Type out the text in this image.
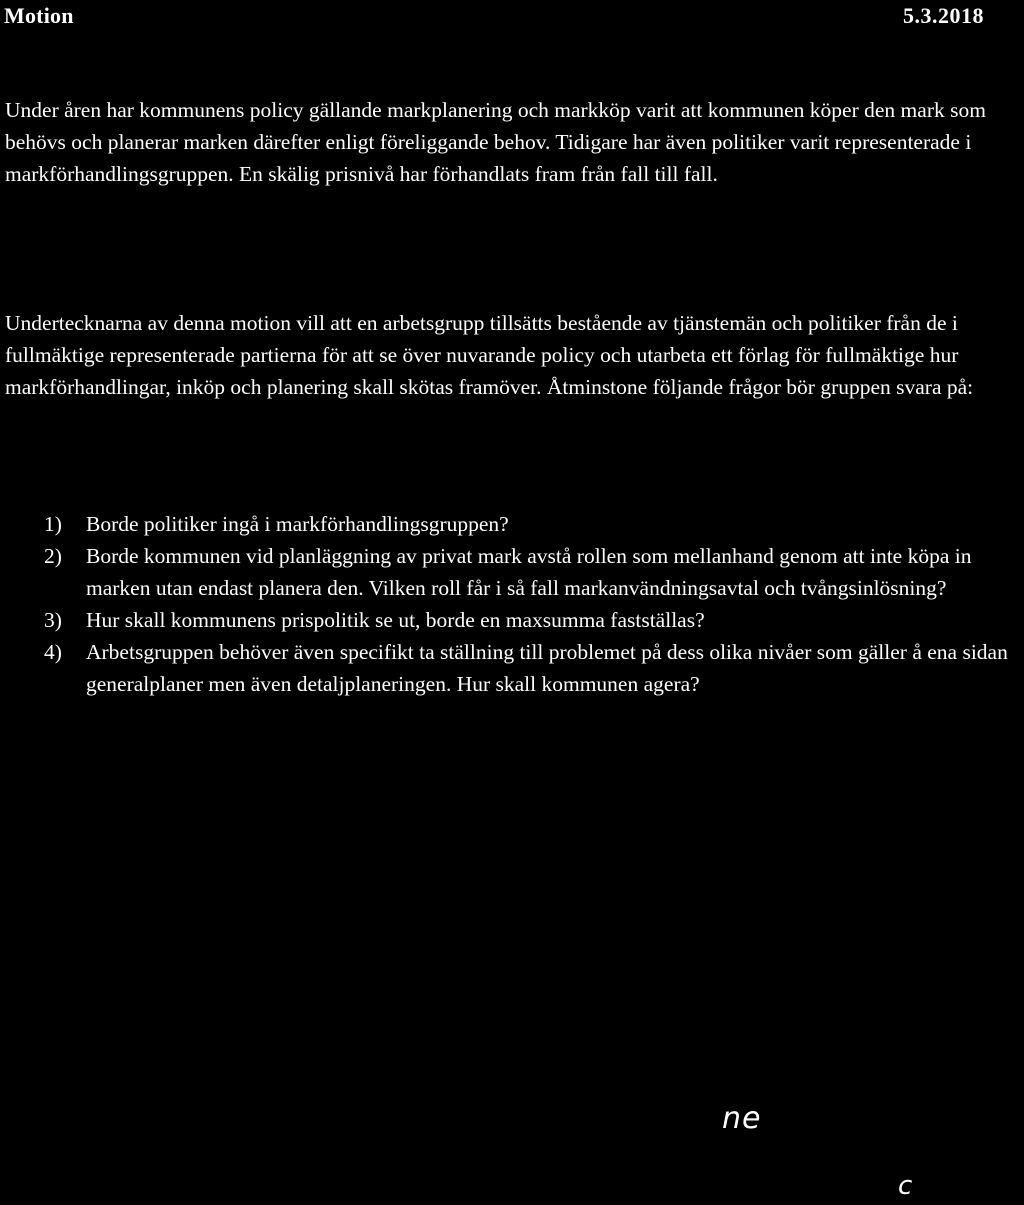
Motion	5.3.2018

Under åren har kommunens policy gällande markplanering och markköp varit att kommunen köper den mark som behövs och planerar marken därefter enligt föreliggande behov. Tidigare har även politiker varit representerade i markförhandlingsgruppen. En skälig prisnivå har förhandlats fram från fall till fall.

Undertecknarna av denna motion vill att en arbetsgrupp tillsätts bestående av tjänstemän och politiker från de i fullmäktige representerade partierna för att se över nuvarande policy och utarbeta ett förlag för fullmäktige hur markförhandlingar, inköp och planering skall skötas framöver. Åtminstone följande frågor bör gruppen svara på:

1) Borde politiker ingå i markförhandlingsgruppen?
2) Borde kommunen vid planläggning av privat mark avstå rollen som mellanhand genom att inte köpa in marken utan endast planera den. Vilken roll får i så fall markanvändningsavtal och tvångsinlösning?
3) Hur skall kommunens prispolitik se ut, borde en maxsumma fastställas?
4) Arbetsgruppen behöver även specifikt ta ställning till problemet på dess olika nivåer som gäller å ena sidan generalplaner men även detaljplaneringen. Hur skall kommunen agera?
ne
c
